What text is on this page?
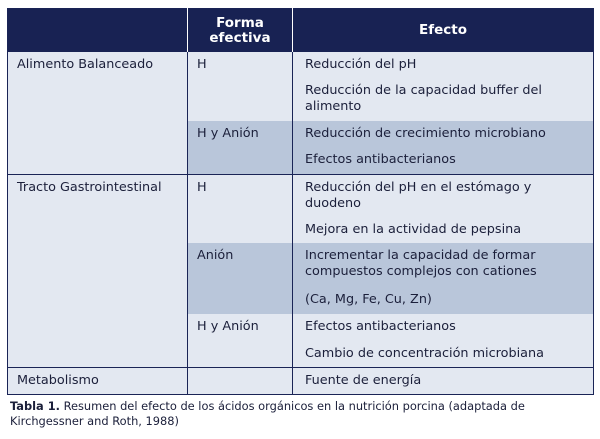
	Forma efectiva	Efecto
Alimento Balanceado	H	Reducción del pH
		Reducción de la capacidad buffer del alimento
	H y Anión	Reducción de crecimiento microbiano
		Efectos antibacterianos
Tracto Gastrointestinal	H	Reducción del pH en el estómago y duodeno
		Mejora en la actividad de pepsina
	Anión	Incrementar la capacidad de formar compuestos complejos con cationes
		(Ca, Mg, Fe, Cu, Zn)
	H y Anión	Efectos antibacterianos
		Cambio de concentración microbiana
Metabolismo		Fuente de energía
Tabla 1. Resumen del efecto de los ácidos orgánicos en la nutrición porcina (adaptada de Kirchgessner and Roth, 1988)
